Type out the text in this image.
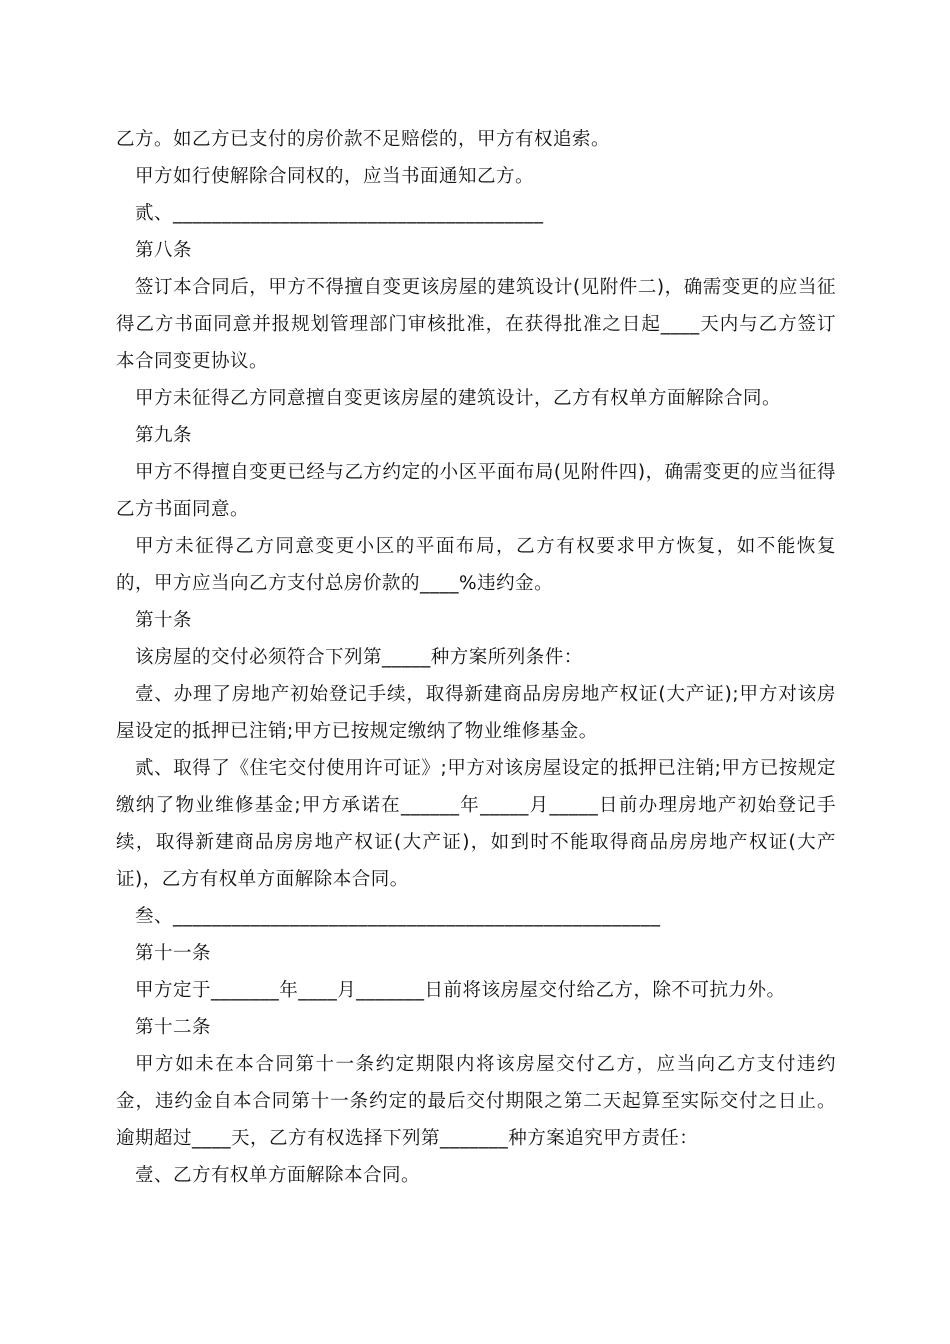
乙方。如乙方已支付的房价款不足赔偿的，甲方有权追索。

甲方如行使解除合同权的，应当书面通知乙方。

贰、______________________________________

第八条

签订本合同后，甲方不得擅自变更该房屋的建筑设计(见附件二)，确需变更的应当征得乙方书面同意并报规划管理部门审核批准，在获得批准之日起____天内与乙方签订本合同变更协议。

甲方未征得乙方同意擅自变更该房屋的建筑设计，乙方有权单方面解除合同。

第九条

甲方不得擅自变更已经与乙方约定的小区平面布局(见附件四)，确需变更的应当征得乙方书面同意。

甲方未征得乙方同意变更小区的平面布局，乙方有权要求甲方恢复，如不能恢复的，甲方应当向乙方支付总房价款的____%违约金。

第十条

该房屋的交付必须符合下列第_____种方案所列条件：

壹、办理了房地产初始登记手续，取得新建商品房房地产权证(大产证);甲方对该房屋设定的抵押已注销;甲方已按规定缴纳了物业维修基金。

贰、取得了《住宅交付使用许可证》;甲方对该房屋设定的抵押已注销;甲方已按规定缴纳了物业维修基金;甲方承诺在______年_____月_____日前办理房地产初始登记手续，取得新建商品房房地产权证(大产证)，如到时不能取得商品房房地产权证(大产证)，乙方有权单方面解除本合同。

叁、__________________________________________________

第十一条

甲方定于_______年____月_______日前将该房屋交付给乙方，除不可抗力外。

第十二条

甲方如未在本合同第十一条约定期限内将该房屋交付乙方，应当向乙方支付违约金，违约金自本合同第十一条约定的最后交付期限之第二天起算至实际交付之日止。逾期超过____天，乙方有权选择下列第_______种方案追究甲方责任：

壹、乙方有权单方面解除本合同。
